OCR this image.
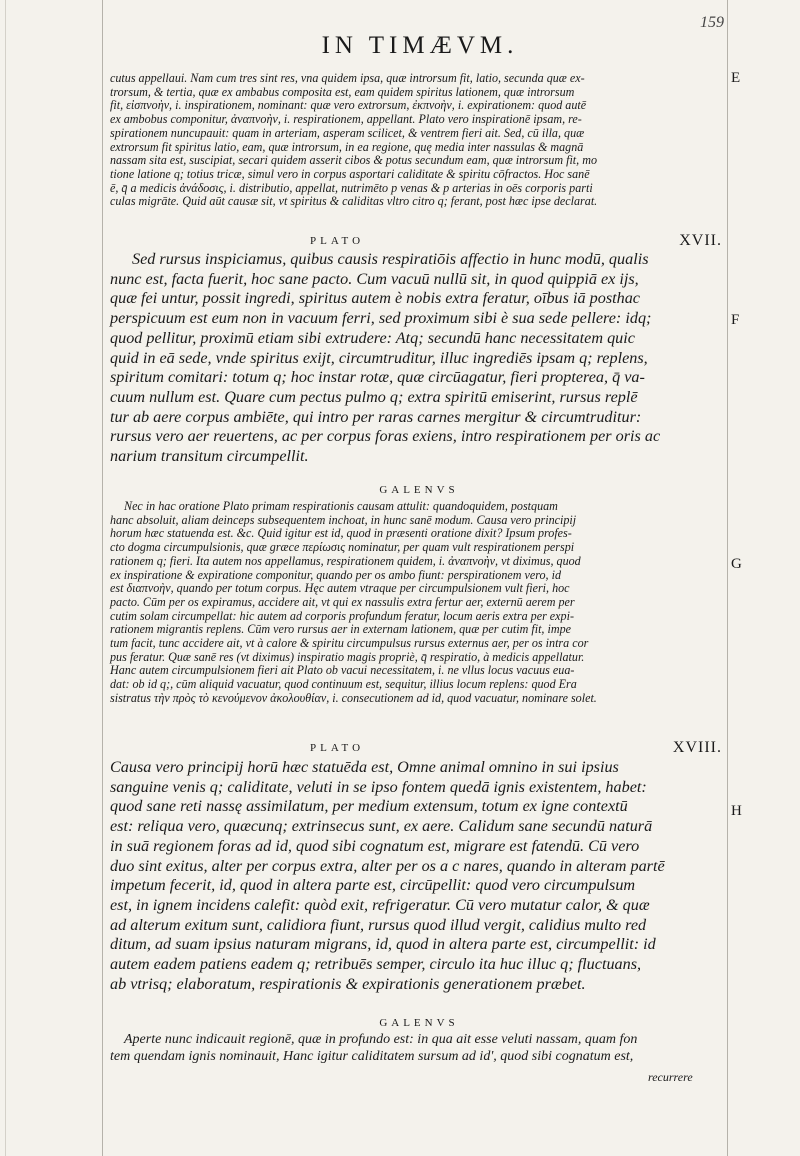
159
IN TIMÆVM.

cutus appellaui. Nam cum tres sint res, vna quidem ipsa, quæ introrsum fit, latio, secunda quæ ex-

trorsum, & tertia, quæ ex ambabus composita est, eam quidem spiritus lationem, quæ introrsum

fit, εἰσπνοὴν, i. inspirationem, nominant: quæ vero extrorsum, ἐκπνοὴν, i. expirationem: quod autē

ex ambobus componitur, ἀναπνοὴν, i. respirationem, appellant. Plato vero inspirationē ipsam, re-

spirationem nuncupauit: quam in arteriam, asperam scilicet, & ventrem fieri ait. Sed, cū illa, quæ

extrorsum fit spiritus latio, eam, quæ introrsum, in ea regione, quę media inter nassulas & magnā

nassam sita est, suscipiat, secari quidem asserit cibos & potus secundum eam, quæ introrsum fit, mo

tione latione q; totius tricæ, simul vero in corpus asportari caliditate & spiritu cōfractos. Hoc sanē

ē, q̄ a medicis ἀνάδοσις, i. distributio, appellat, nutrimēto p venas & p arterias in oēs corporis parti

culas migrāte. Quid aūt causæ sit, vt spiritus & caliditas vltro citro q; ferant, post hæc ipse declarat.

PLATO	XVII.

Sed rursus inspiciamus, quibus causis respiratiōis affectio in hunc modū, qualis

nunc est, facta fuerit, hoc sane pacto. Cum vacuū nullū sit, in quod quippiā ex ijs,

quæ fei untur, possit ingredi, spiritus autem è nobis extra feratur, oībus iā posthac

perspicuum est eum non in vacuum ferri, sed proximum sibi è sua sede pellere: idq;

quod pellitur, proximū etiam sibi extrudere: Atq; secundū hanc necessitatem quic

quid in eā sede, vnde spiritus exijt, circumtruditur, illuc ingrediēs ipsam q; replens,

spiritum comitari: totum q; hoc instar rotæ, quæ circūagatur, fieri propterea, q̄ va-

cuum nullum est. Quare cum pectus pulmo q; extra spiritū emiserint, rursus replē

tur ab aere corpus ambiēte, qui intro per raras carnes mergitur & circumtruditur:

rursus vero aer reuertens, ac per corpus foras exiens, intro respirationem per oris ac

narium transitum circumpellit.

GALENVS

Nec in hac oratione Plato primam respirationis causam attulit: quandoquidem, postquam

hanc absoluit, aliam deinceps subsequentem inchoat, in hunc sanē modum. Causa vero principij

horum hæc statuenda est. &c. Quid igitur est id, quod in præsenti oratione dixit? Ipsum profes-

cto dogma circumpulsionis, quæ græce περίωσις nominatur, per quam vult respirationem perspi

rationem q; fieri. Ita autem nos appellamus, respirationem quidem, i. ἀναπνοὴν, vt diximus, quod

ex inspiratione & expiratione componitur, quando per os ambo fiunt: perspirationem vero, id

est διαπνοὴν, quando per totum corpus. Hęc autem vtraque per circumpulsionem vult fieri, hoc

pacto. Cūm per os expiramus, accidere ait, vt qui ex nassulis extra fertur aer, externū aerem per

cutim solam circumpellat: hic autem ad corporis profundum feratur, locum aeris extra per expi-

rationem migrantis replens. Cūm vero rursus aer in externam lationem, quæ per cutim fit, impe

tum facit, tunc accidere ait, vt à calore & spiritu circumpulsus rursus externus aer, per os intra cor

pus feratur. Quæ sanē res (vt diximus) inspiratio magis propriè, q̄ respiratio, à medicis appellatur.

Hanc autem circumpulsionem fieri ait Plato ob vacui necessitatem, i. ne vllus locus vacuus eua-

dat: ob id q;, cūm aliquid vacuatur, quod continuum est, sequitur, illius locum replens: quod Era

sistratus τὴν πρὸς τὸ κενούμενον ἀκολουθίαν, i. consecutionem ad id, quod vacuatur, nominare solet.

PLATO	XVIII.

Causa vero principij horū hæc statuēda est, Omne animal omnino in sui ipsius

sanguine venis q; caliditate, veluti in se ipso fontem quedā ignis existentem, habet:

quod sane reti nassę assimilatum, per medium extensum, totum ex igne contextū

est: reliqua vero, quæcunq; extrinsecus sunt, ex aere. Calidum sane secundū naturā

in suā regionem foras ad id, quod sibi cognatum est, migrare est fatendū. Cū vero

duo sint exitus, alter per corpus extra, alter per os a c nares, quando in alteram partē

impetum fecerit, id, quod in altera parte est, circūpellit: quod vero circumpulsum

est, in ignem incidens calefit: quòd exit, refrigeratur. Cū vero mutatur calor, & quæ

ad alterum exitum sunt, calidiora fiunt, rursus quod illud vergit, calidius multo red

ditum, ad suam ipsius naturam migrans, id, quod in altera parte est, circumpellit: id

autem eadem patiens eadem q; retribuēs semper, circulo ita huc illuc q; fluctuans,

ab vtrisq; elaboratum, respirationis & expirationis generationem præbet.

GALENVS

Aperte nunc indicauit regionē, quæ in profundo est: in qua ait esse veluti nassam, quam fon

tem quendam ignis nominauit, Hanc igitur caliditatem sursum ad id', quod sibi cognatum est,

recurrere
E
F
G
H
